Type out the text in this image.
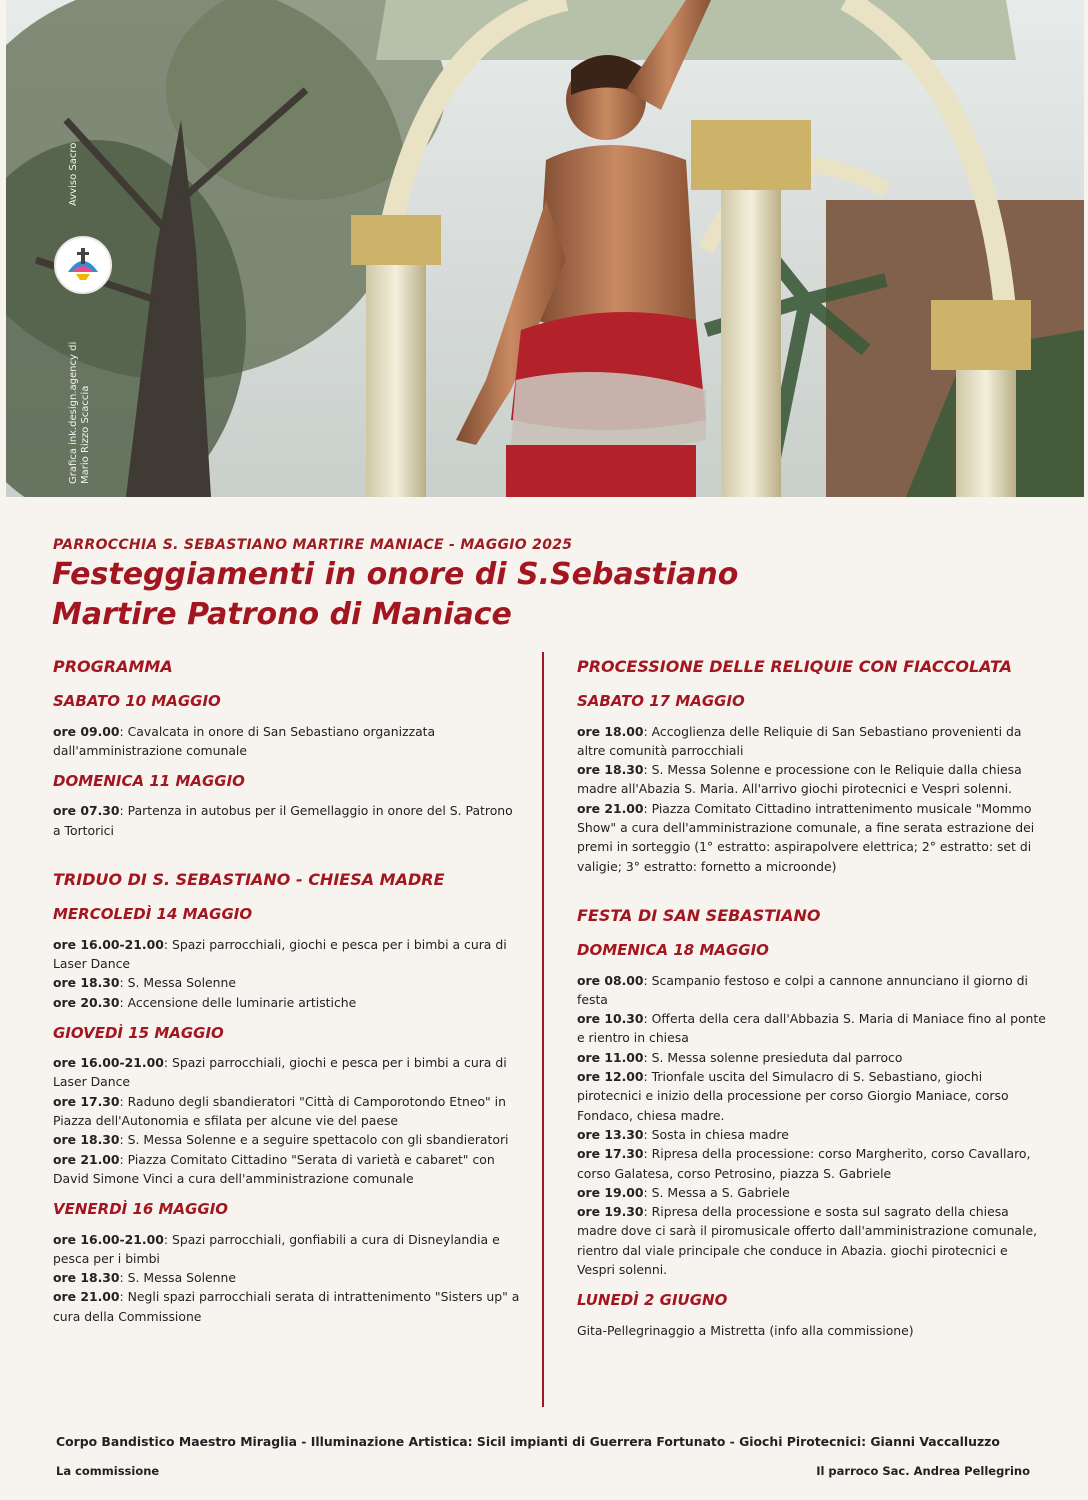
Avviso Sacro
Grafica ink.design.agency di Mario Rizzo Scaccia
PARROCCHIA S. SEBASTIANO MARTIRE MANIACE - MAGGIO 2025
Festeggiamenti in onore di S.Sebastiano
Martire Patrono di Maniace
PROGRAMMA
SABATO 10 MAGGIO

ore 09.00: Cavalcata in onore di San Sebastiano organizzata dall'amministrazione comunale

DOMENICA 11 MAGGIO

ore 07.30: Partenza in autobus per il Gemellaggio in onore del S. Patrono a Tortorici

TRIDUO DI S. SEBASTIANO - CHIESA MADRE
MERCOLEDÌ 14 MAGGIO

ore 16.00-21.00: Spazi parrocchiali, giochi e pesca per i bimbi a cura di Laser Dance

ore 18.30: S. Messa Solenne

ore 20.30: Accensione delle luminarie artistiche

GIOVEDÌ 15 MAGGIO

ore 16.00-21.00: Spazi parrocchiali, giochi e pesca per i bimbi a cura di Laser Dance

ore 17.30: Raduno degli sbandieratori "Città di Camporotondo Etneo" in Piazza dell'Autonomia e sfilata per alcune vie del paese

ore 18.30: S. Messa Solenne e a seguire spettacolo con gli sbandieratori

ore 21.00: Piazza Comitato Cittadino "Serata di varietà e cabaret" con David Simone Vinci a cura dell'amministrazione comunale

VENERDÌ 16 MAGGIO

ore 16.00-21.00: Spazi parrocchiali, gonfiabili a cura di Disneylandia e pesca per i bimbi

ore 18.30: S. Messa Solenne

ore 21.00: Negli spazi parrocchiali serata di intrattenimento "Sisters up" a cura della Commissione

PROCESSIONE DELLE RELIQUIE CON FIACCOLATA
SABATO 17 MAGGIO

ore 18.00: Accoglienza delle Reliquie di San Sebastiano provenienti da altre comunità parrocchiali

ore 18.30: S. Messa Solenne e processione con le Reliquie dalla chiesa madre all'Abazia S. Maria. All'arrivo giochi pirotecnici e Vespri solenni.

ore 21.00: Piazza Comitato Cittadino intrattenimento musicale "Mommo Show" a cura dell'amministrazione comunale, a fine serata estrazione dei premi in sorteggio (1° estratto: aspirapolvere elettrica; 2° estratto: set di valigie; 3° estratto: fornetto a microonde)

FESTA DI SAN SEBASTIANO
DOMENICA 18 MAGGIO

ore 08.00: Scampanio festoso e colpi a cannone annunciano il giorno di festa

ore 10.30: Offerta della cera dall'Abbazia S. Maria di Maniace fino al ponte e rientro in chiesa

ore 11.00: S. Messa solenne presieduta dal parroco

ore 12.00: Trionfale uscita del Simulacro di S. Sebastiano, giochi pirotecnici e inizio della processione per corso Giorgio Maniace, corso Fondaco, chiesa madre.

ore 13.30: Sosta in chiesa madre

ore 17.30: Ripresa della processione: corso Margherito, corso Cavallaro, corso Galatesa, corso Petrosino, piazza S. Gabriele

ore 19.00: S. Messa a S. Gabriele

ore 19.30: Ripresa della processione e sosta sul sagrato della chiesa madre dove ci sarà il piromusicale offerto dall'amministrazione comunale, rientro dal viale principale che conduce in Abazia. giochi pirotecnici e Vespri solenni.

LUNEDÌ 2 GIUGNO

Gita-Pellegrinaggio a Mistretta (info alla commissione)

Corpo Bandistico Maestro Miraglia - Illuminazione Artistica: Sicil impianti di Guerrera Fortunato - Giochi Pirotecnici: Gianni Vaccalluzzo
La commissione	Il parroco Sac. Andrea Pellegrino
